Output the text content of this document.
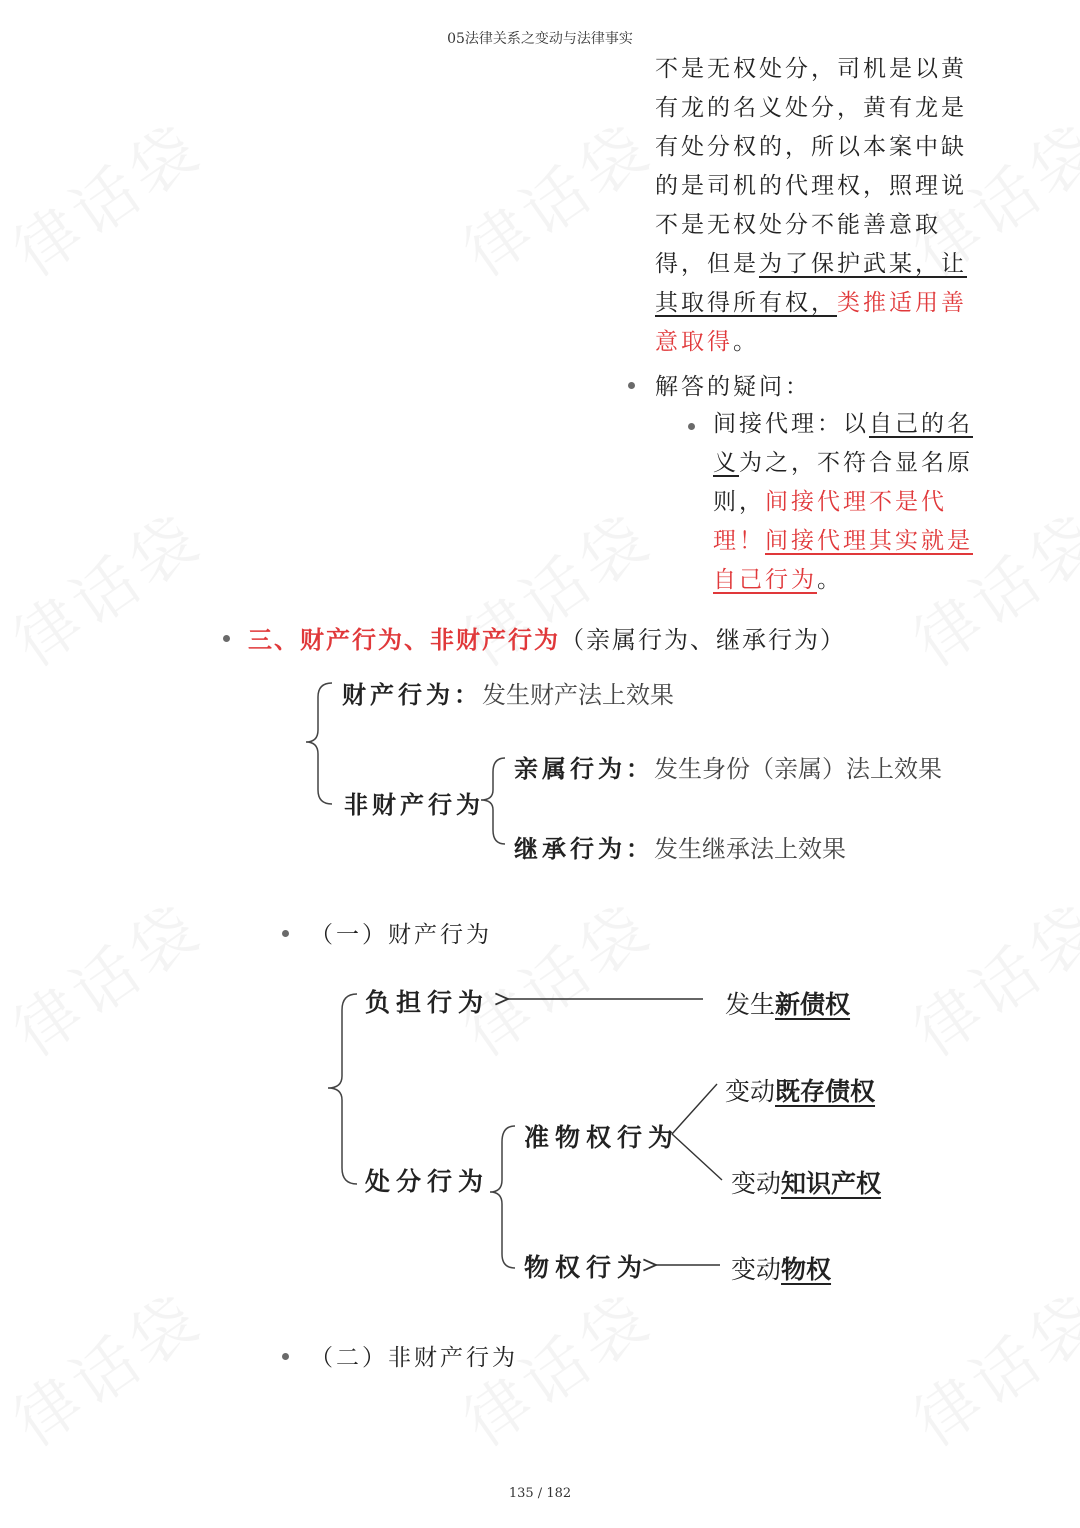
05法律关系之变动与法律事实
不是无权处分，司机是以黄
有龙的名义处分，黄有龙是
有处分权的，所以本案中缺
的是司机的代理权，照理说
不是无权处分不能善意取
得，但是为了保护武某，让
其取得所有权，类推适用善
意取得。
解答的疑问：
间接代理：以自己的名
义为之，不符合显名原
则，间接代理不是代
理！间接代理其实就是
自己行为。
三、财产行为、非财产行为（亲属行为、继承行为）
财产行为：发生财产法上效果
非财产行为
亲属行为：发生身份（亲属）法上效果
继承行为：发生继承法上效果
（一）财产行为
负担行为	发生新债权
处分行为
准物权行为
变动既存债权
变动知识产权
物权行为	变动物权
（二）非财产行为
135 / 182
